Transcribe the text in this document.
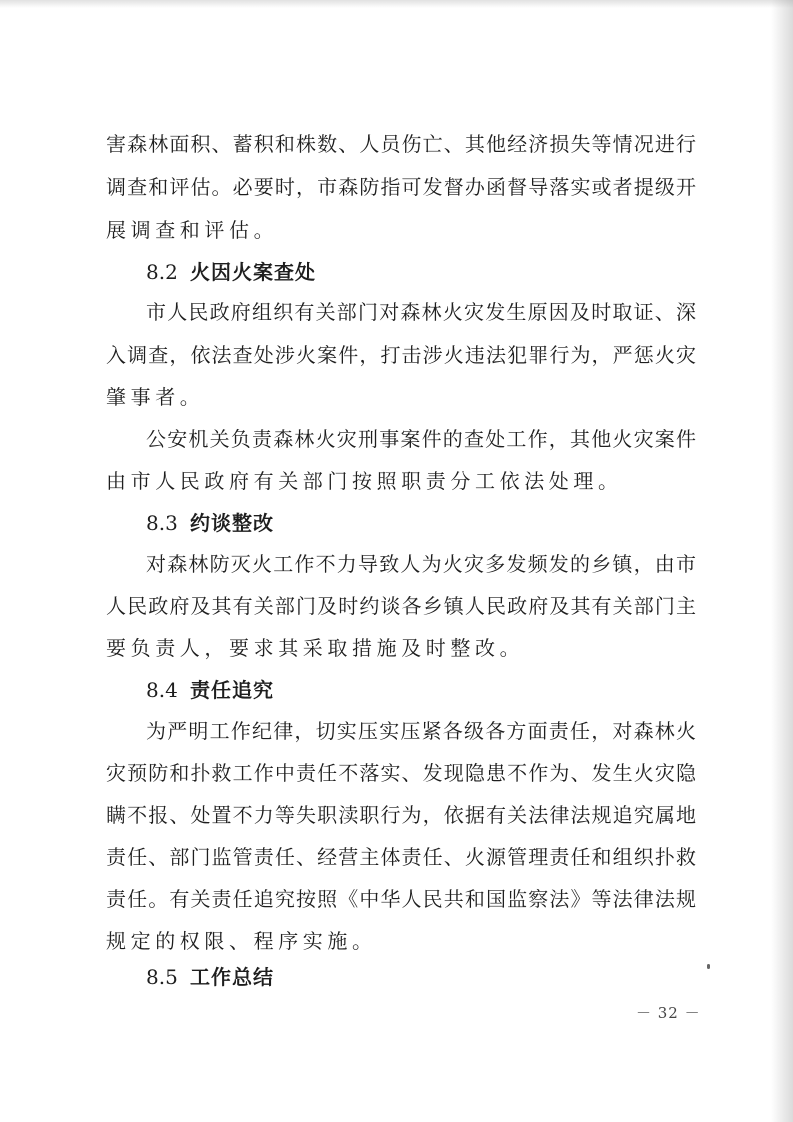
害森林面积、蓄积和株数、人员伤亡、其他经济损失等情况进行
调查和评估。必要时，市森防指可发督办函督导落实或者提级开
展调查和评估。
8.2 火因火案查处
市人民政府组织有关部门对森林火灾发生原因及时取证、深
入调查，依法查处涉火案件，打击涉火违法犯罪行为，严惩火灾
肇事者。
公安机关负责森林火灾刑事案件的查处工作，其他火灾案件
由市人民政府有关部门按照职责分工依法处理。
8.3 约谈整改
对森林防灭火工作不力导致人为火灾多发频发的乡镇，由市
人民政府及其有关部门及时约谈各乡镇人民政府及其有关部门主
要负责人，要求其采取措施及时整改。
8.4 责任追究
为严明工作纪律，切实压实压紧各级各方面责任，对森林火
灾预防和扑救工作中责任不落实、发现隐患不作为、发生火灾隐
瞒不报、处置不力等失职渎职行为，依据有关法律法规追究属地
责任、部门监管责任、经营主体责任、火源管理责任和组织扑救
责任。有关责任追究按照《中华人民共和国监察法》等法律法规
规定的权限、程序实施。
8.5 工作总结
－ 32 －
